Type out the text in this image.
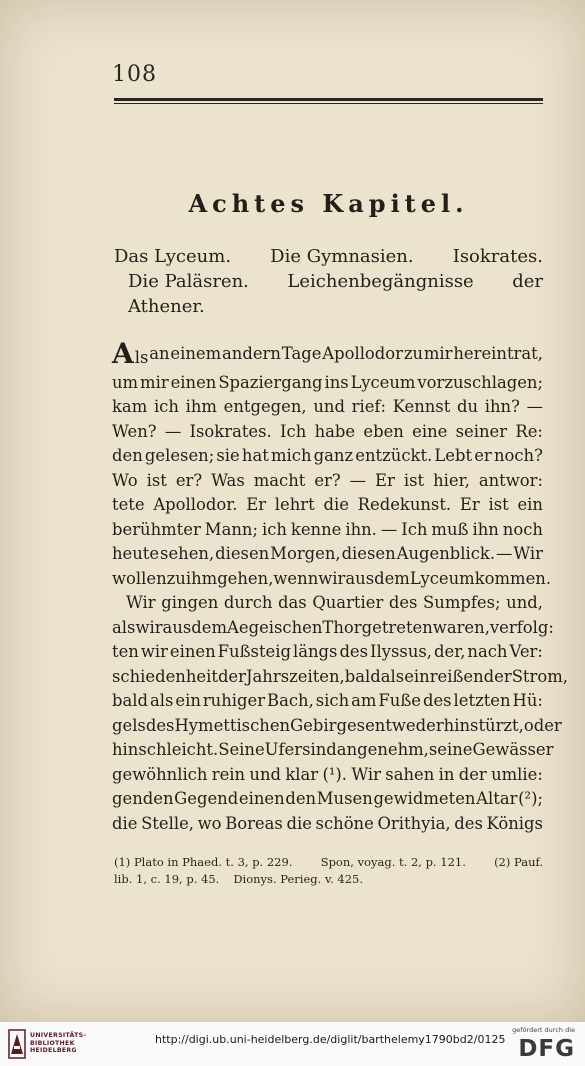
108
Achtes Kapitel.
Das Lyceum. Die Gymnasien. Isokrates.
Die Paläsren. Leichenbegängnisse der
Athener.
Als an einem andern Tage Apollodor zu mir hereintrat,
um mir einen Spaziergang ins Lyceum vorzuschlagen;
kam ich ihm entgegen, und rief: Kennst du ihn? —
Wen? — Isokrates. Ich habe eben eine seiner Re:
den gelesen; sie hat mich ganz entzückt. Lebt er noch?
Wo ist er? Was macht er? — Er ist hier, antwor:
tete Apollodor. Er lehrt die Redekunst. Er ist ein
berühmter Mann; ich kenne ihn. — Ich muß ihn noch
heute sehen, diesen Morgen, diesen Augenblick. — Wir
wollen zu ihm gehen, wenn wir aus dem Lyceum kommen.
Wir gingen durch das Quartier des Sumpfes; und,
als wir aus dem Aegeischen Thor getreten waren, verfolg:
ten wir einen Fußsteig längs des Ilyssus, der, nach Ver:
schiedenheit der Jahrszeiten, bald als ein reißender Strom,
bald als ein ruhiger Bach, sich am Fuße des letzten Hü:
gels des Hymettischen Gebirges entweder hinstürzt, oder
hinschleicht. Seine Ufer sind angenehm, seine Gewässer
gewöhnlich rein und klar (¹). Wir sahen in der umlie:
genden Gegend einen den Musen gewidmeten Altar (²);
die Stelle, wo Boreas die schöne Orithyia, des Königs
(1) Plato in Phaed. t. 3, p. 229. Spon, voyag. t. 2, p. 121. (2) Pauf.
lib. 1, c. 19, p. 45. Dionys. Perieg. v. 425.
UNIVERSITÄTS-
BIBLIOTHEK
HEIDELBERG
http://digi.ub.uni-heidelberg.de/diglit/barthelemy1790bd2/0125
gefördert durch die
DFG
